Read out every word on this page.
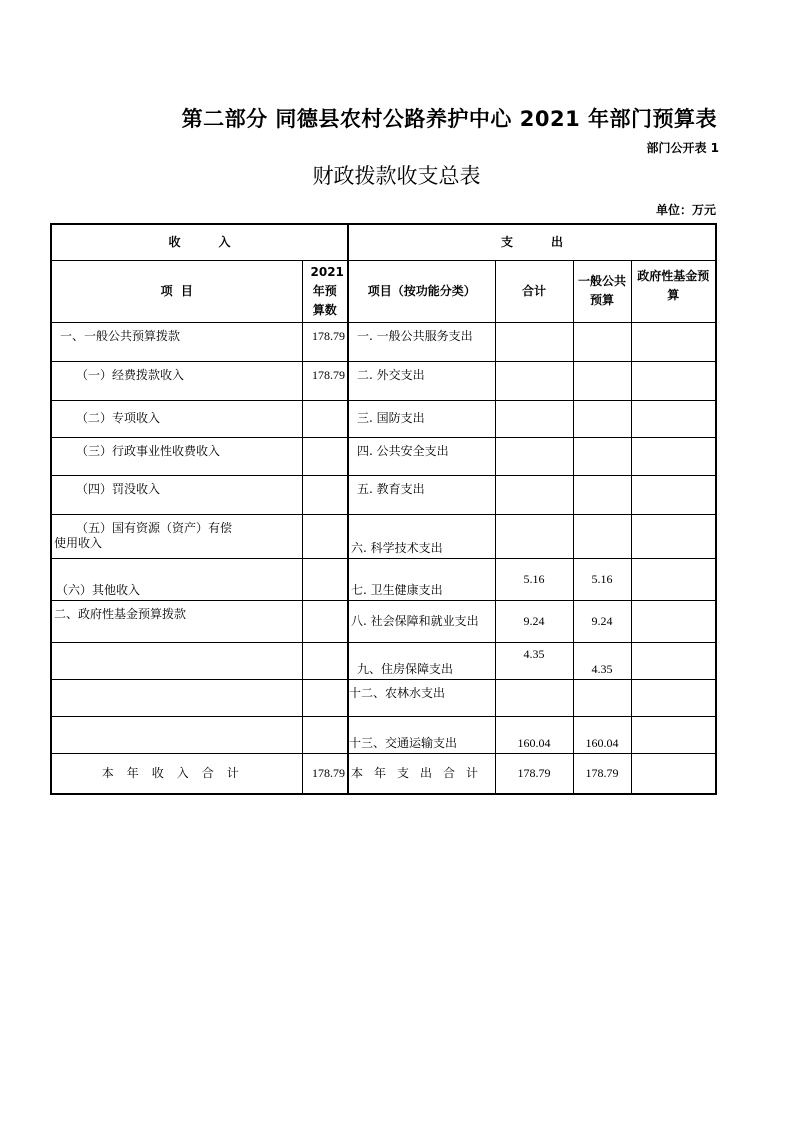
第二部分 同德县农村公路养护中心 2021 年部门预算表
部门公开表 1
财政拨款收支总表
单位：万元
收入		支出			
项  目	2021年预算数	项目（按功能分类）	合计	一般公共预算	政府性基金预算
一、一般公共预算拨款	178.79	一. 一般公共服务支出			
（一）经费拨款收入	178.79	二. 外交支出			
（二）专项收入		三. 国防支出			
（三）行政事业性收费收入		四. 公共安全支出			
（四）罚没收入		五. 教育支出			

（五）国有资源（资产）有偿
使用收入		六. 科学技术支出			
（六）其他收入		七. 卫生健康支出	5.16	5.16	
二、政府性基金预算拨款		八. 社会保障和就业支出	9.24	9.24	
		九、住房保障支出	4.35	4.35	
		十二、农林水支出			
		十三、交通运输支出	160.04	160.04	
本年收入合计	178.79	本年支出合计	178.79	178.79	
